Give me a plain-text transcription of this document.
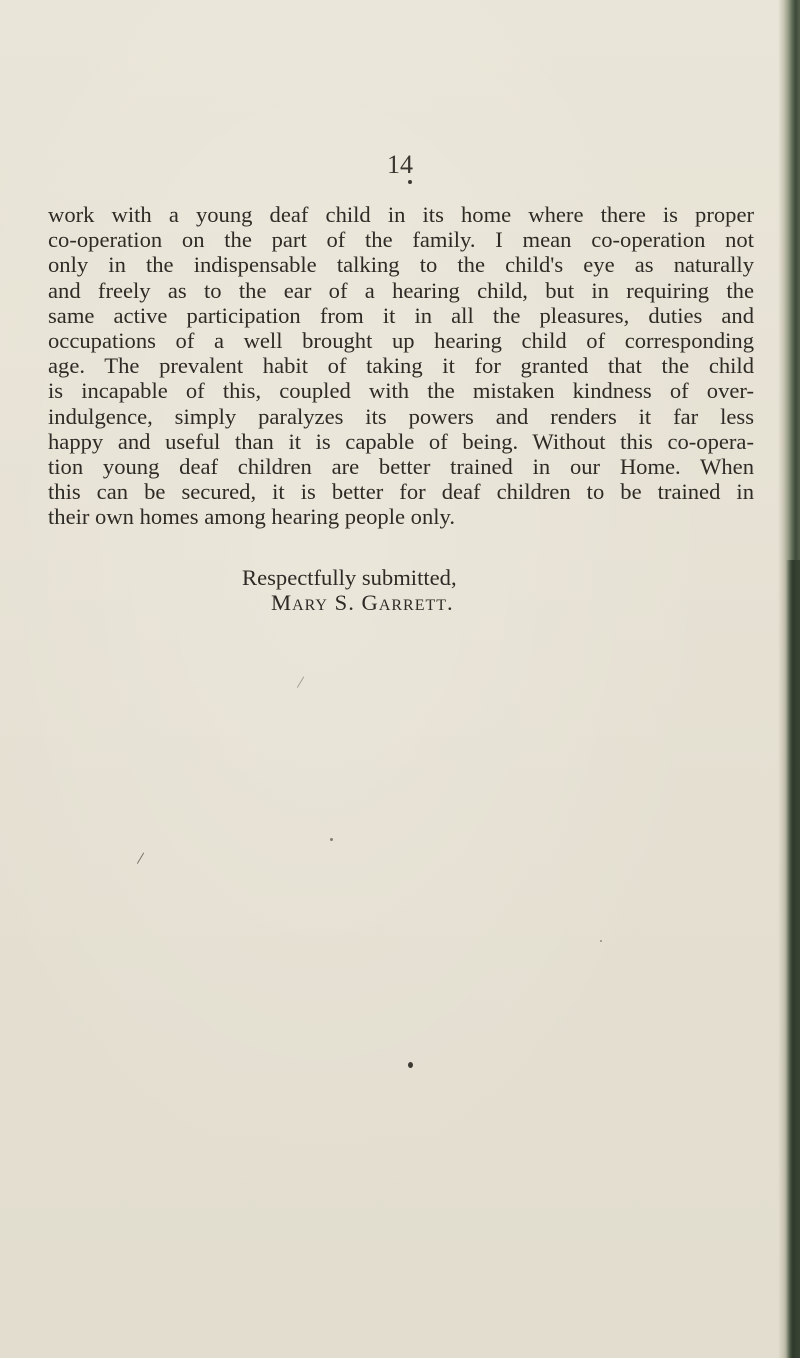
14
work with a young deaf child in its home where there is proper
co-operation on the part of the family. I mean co-operation not
only in the indispensable talking to the child's eye as naturally
and freely as to the ear of a hearing child, but in requiring the
same active participation from it in all the pleasures, duties and
occupations of a well brought up hearing child of corresponding
age. The prevalent habit of taking it for granted that the child
is incapable of this, coupled with the mistaken kindness of over-
indulgence, simply paralyzes its powers and renders it far less
happy and useful than it is capable of being. Without this co-opera-
tion young deaf children are better trained in our Home. When
this can be secured, it is better for deaf children to be trained in
their own homes among hearing people only.
Respectfully submitted,
Mary S. Garrett.
/
/
